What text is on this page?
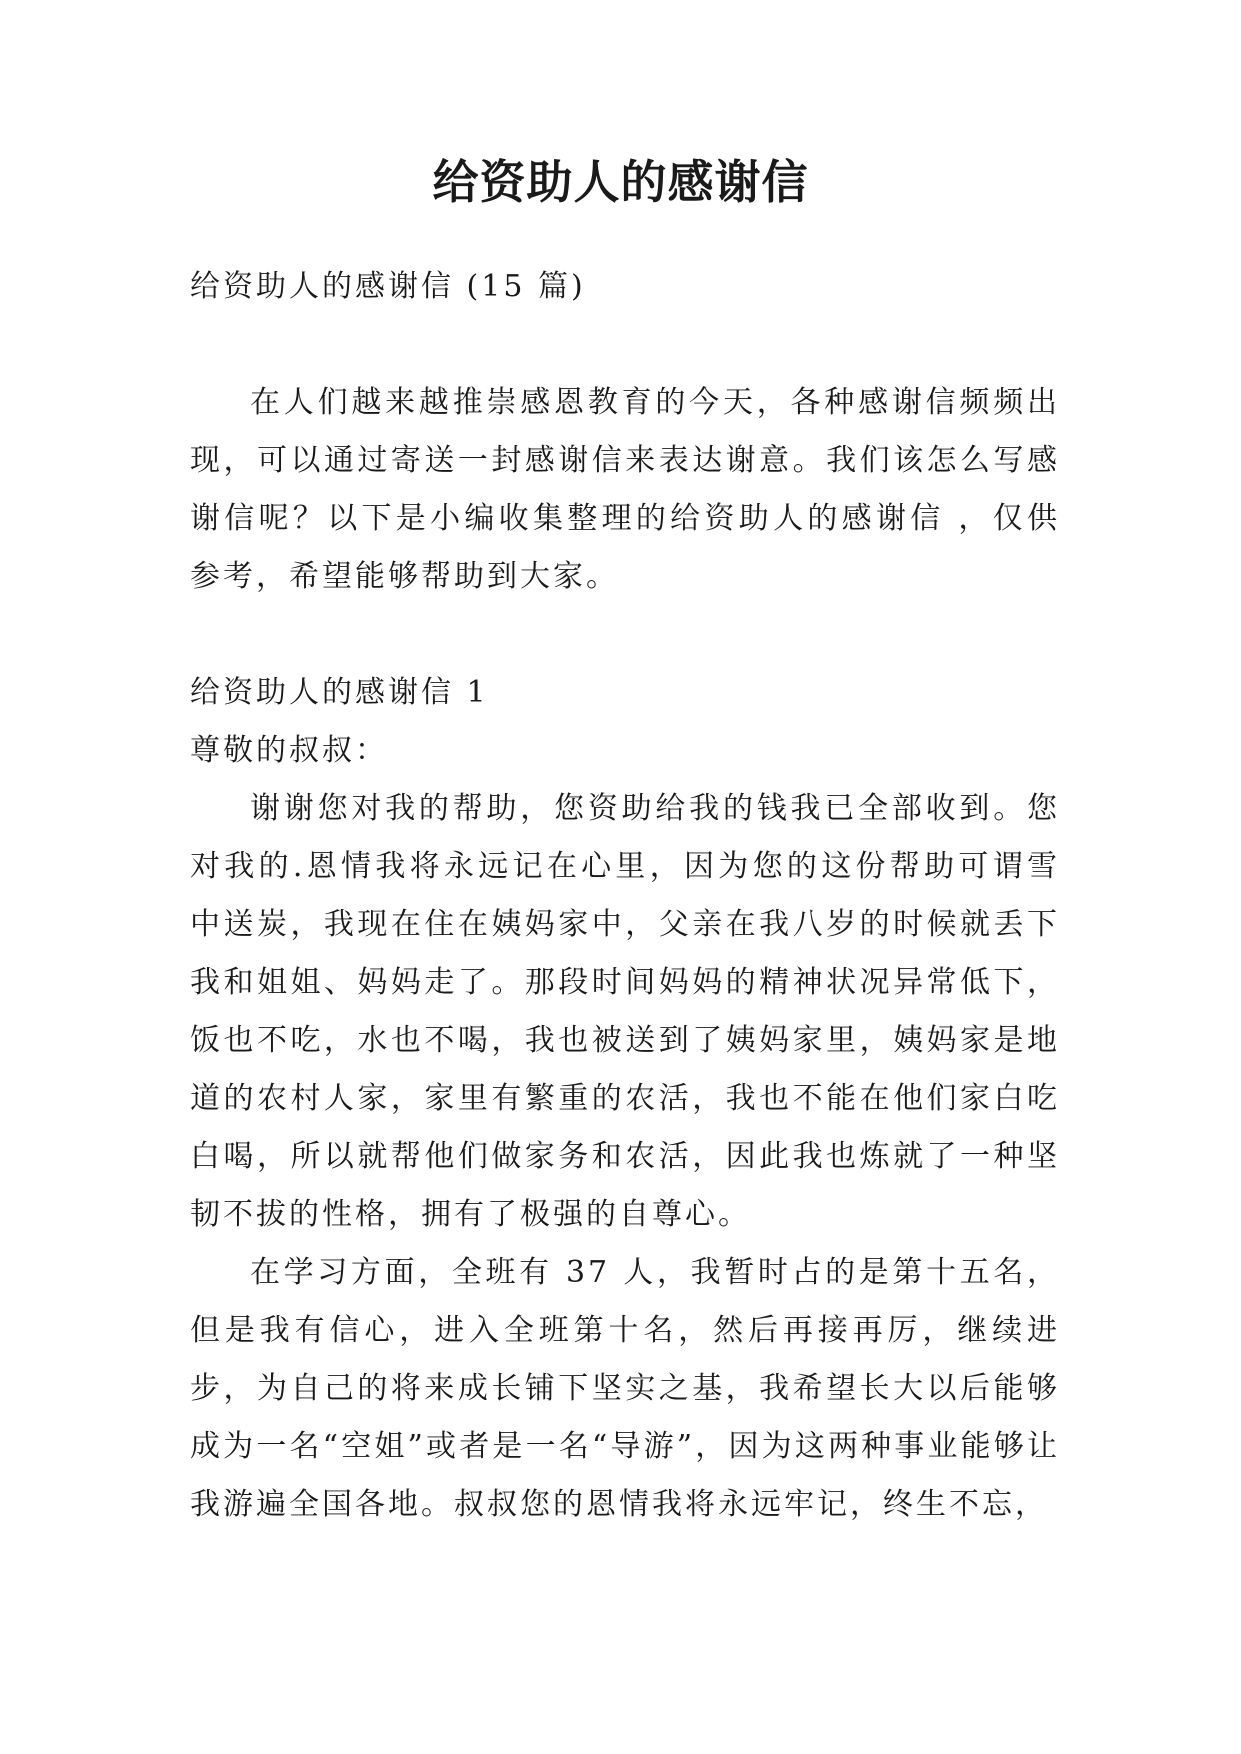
给资助人的感谢信

给资助人的感谢信 (15 篇)

在人们越来越推崇感恩教育的今天，各种感谢信频频出现，可以通过寄送一封感谢信来表达谢意。我们该怎么写感谢信呢？以下是小编收集整理的给资助人的感谢信 ，仅供参考，希望能够帮助到大家。

给资助人的感谢信 1

尊敬的叔叔：

谢谢您对我的帮助，您资助给我的钱我已全部收到。您对我的.恩情我将永远记在心里，因为您的这份帮助可谓雪中送炭，我现在住在姨妈家中，父亲在我八岁的时候就丢下我和姐姐、妈妈走了。那段时间妈妈的精神状况异常低下，饭也不吃，水也不喝，我也被送到了姨妈家里，姨妈家是地道的农村人家，家里有繁重的农活，我也不能在他们家白吃白喝，所以就帮他们做家务和农活，因此我也炼就了一种坚韧不拔的性格，拥有了极强的自尊心。

在学习方面，全班有 37 人，我暂时占的是第十五名，但是我有信心，进入全班第十名，然后再接再厉，继续进步，为自己的将来成长铺下坚实之基，我希望长大以后能够成为一名“空姐”或者是一名“导游”，因为这两种事业能够让我游遍全国各地。叔叔您的恩情我将永远牢记，终生不忘，
